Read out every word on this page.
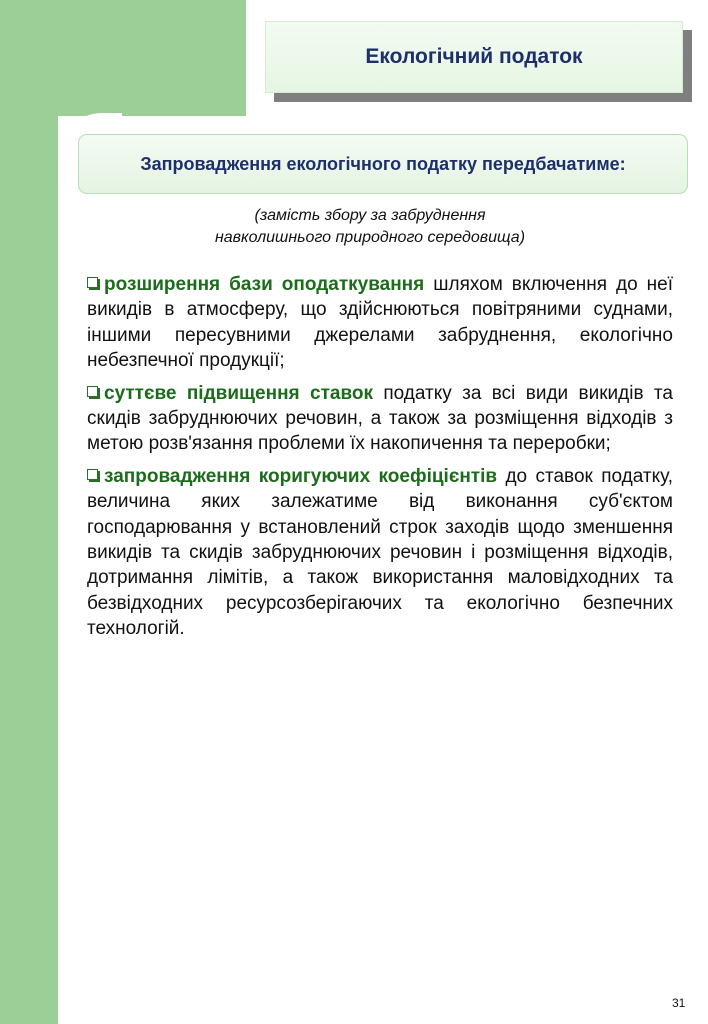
Екологічний податок
Запровадження екологічного податку передбачатиме:
(замість збору за забруднення
навколишнього природного середовища)

розширення бази оподаткування шляхом включення до неї викидів в атмосферу, що здійснюються повітряними суднами, іншими пересувними джерелами забруднення, екологічно небезпечної продукції;

суттєве підвищення ставок податку за всі види викидів та скидів забруднюючих речовин, а також за розміщення відходів з метою розв'язання проблеми їх накопичення та переробки;

запровадження коригуючих коефіцієнтів до ставок податку, величина яких залежатиме від виконання суб'єктом господарювання у встановлений строк заходів щодо зменшення викидів та скидів забруднюючих речовин і розміщення відходів, дотримання лімітів, а також використання маловідходних та безвідходних ресурсозберігаючих та екологічно безпечних технологій.

31
